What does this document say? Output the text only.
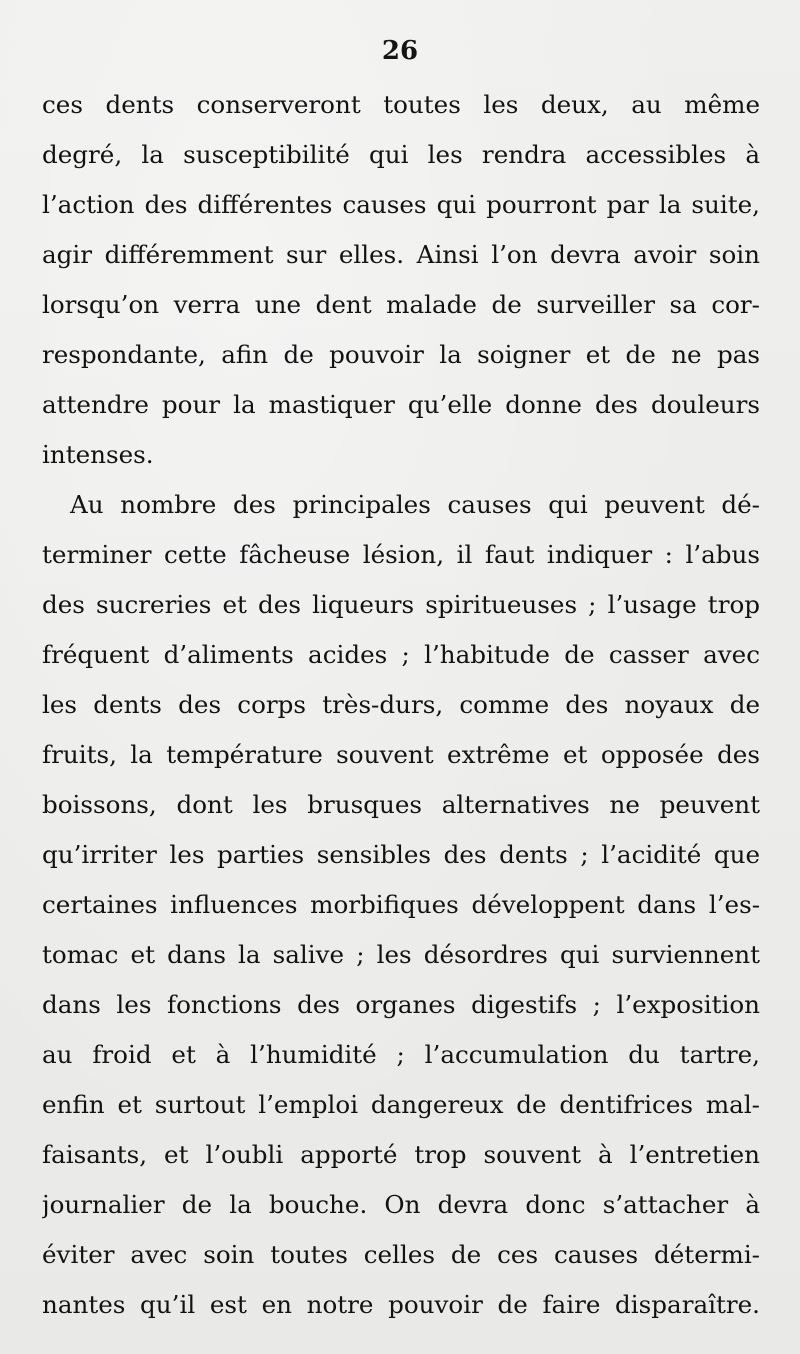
26
ces dents conserveront toutes les deux, au même
degré, la susceptibilité qui les rendra accessibles à
l’action des différentes causes qui pourront par la suite,
agir différemment sur elles. Ainsi l’on devra avoir soin
lorsqu’on verra une dent malade de surveiller sa cor-
respondante, afin de pouvoir la soigner et de ne pas
attendre pour la mastiquer qu’elle donne des douleurs
intenses.
Au nombre des principales causes qui peuvent dé-
terminer cette fâcheuse lésion, il faut indiquer : l’abus
des sucreries et des liqueurs spiritueuses ; l’usage trop
fréquent d’aliments acides ; l’habitude de casser avec
les dents des corps très-durs, comme des noyaux de
fruits, la température souvent extrême et opposée des
boissons, dont les brusques alternatives ne peuvent
qu’irriter les parties sensibles des dents ; l’acidité que
certaines influences morbifiques développent dans l’es-
tomac et dans la salive ; les désordres qui surviennent
dans les fonctions des organes digestifs ; l’exposition
au froid et à l’humidité ; l’accumulation du tartre,
enfin et surtout l’emploi dangereux de dentifrices mal-
faisants, et l’oubli apporté trop souvent à l’entretien
journalier de la bouche. On devra donc s’attacher à
éviter avec soin toutes celles de ces causes détermi-
nantes qu’il est en notre pouvoir de faire disparaître.
